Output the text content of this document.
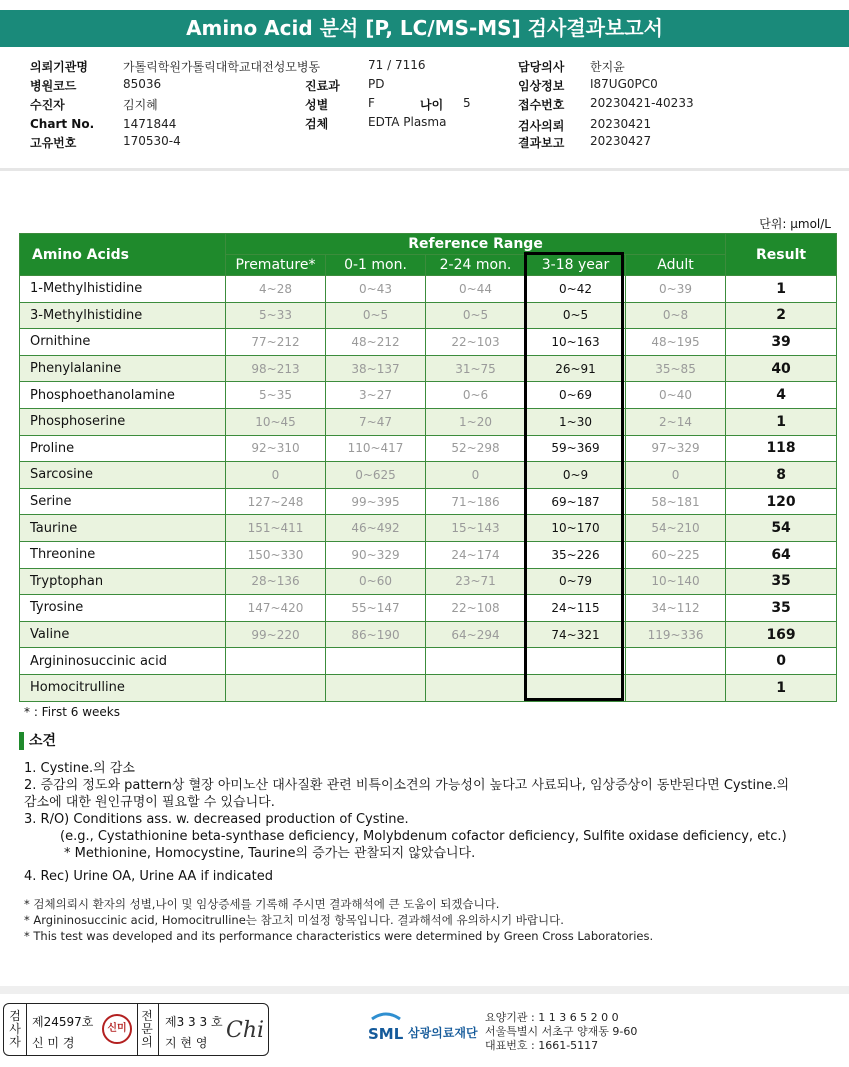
Amino Acid 분석 [P, LC/MS-MS] 검사결과보고서
의뢰기관명	가톨릭학원가톨릭대학교대전성모병동
병원코드	85036
수진자	김지혜
Chart No. 1471844
고유번호	170530-4
71 / 7116
진료과 PD
성별	F	나이 5
검체	EDTA Plasma
담당의사 한지윤
임상정보 I87UG0PC0
접수번호 20230421-40233
검사의뢰 20230421
결과보고 20230427
단위: μmol/L
Amino Acids	Reference Range					Result
	Premature*	0-1 mon.	2-24 mon.	3-18 year	Adult	
1-Methylhistidine	4~28	0~43	0~44	0~42	0~39	1
3-Methylhistidine	5~33	0~5	0~5	0~5	0~8	2
Ornithine	77~212	48~212	22~103	10~163	48~195	39
Phenylalanine	98~213	38~137	31~75	26~91	35~85	40
Phosphoethanolamine	5~35	3~27	0~6	0~69	0~40	4
Phosphoserine	10~45	7~47	1~20	1~30	2~14	1
Proline	92~310	110~417	52~298	59~369	97~329	118
Sarcosine	0	0~625	0	0~9	0	8
Serine	127~248	99~395	71~186	69~187	58~181	120
Taurine	151~411	46~492	15~143	10~170	54~210	54
Threonine	150~330	90~329	24~174	35~226	60~225	64
Tryptophan	28~136	0~60	23~71	0~79	10~140	35
Tyrosine	147~420	55~147	22~108	24~115	34~112	35
Valine	99~220	86~190	64~294	74~321	119~336	169
Argininosuccinic acid						0
Homocitrulline						1
* : First 6 weeks
소견

1. Cystine.의 감소

2. 증감의 정도와 pattern상 혈장 아미노산 대사질환 관련 비특이소견의 가능성이 높다고 사료되나, 임상증상이 동반된다면 Cystine.의

감소에 대한 원인규명이 필요할 수 있습니다.

3. R/O) Conditions ass. w. decreased production of Cystine.

(e.g., Cystathionine beta-synthase deficiency, Molybdenum cofactor deficiency, Sulfite oxidase deficiency, etc.)

* Methionine, Homocystine, Taurine의 증가는 관찰되지 않았습니다.

4. Rec) Urine OA, Urine AA if indicated

* 검체의뢰시 환자의 성별,나이 및 임상증세를 기록해 주시면 결과해석에 큰 도움이 되겠습니다.

* Argininosuccinic acid, Homocitrulline는 참고치 미설정 항목입니다. 결과해석에 유의하시기 바랍니다.

* This test was developed and its performance characteristics were determined by Green Cross Laboratories.

검사자
제24597호
신 미 경
신미
전문의
제3 3 3 호
지 현 영 Chi	SML 삼광의료재단

요양기관 : 1 1 3 6 5 2 0 0

서울특별시 서초구 양재동 9-60

대표번호 : 1661-5117
